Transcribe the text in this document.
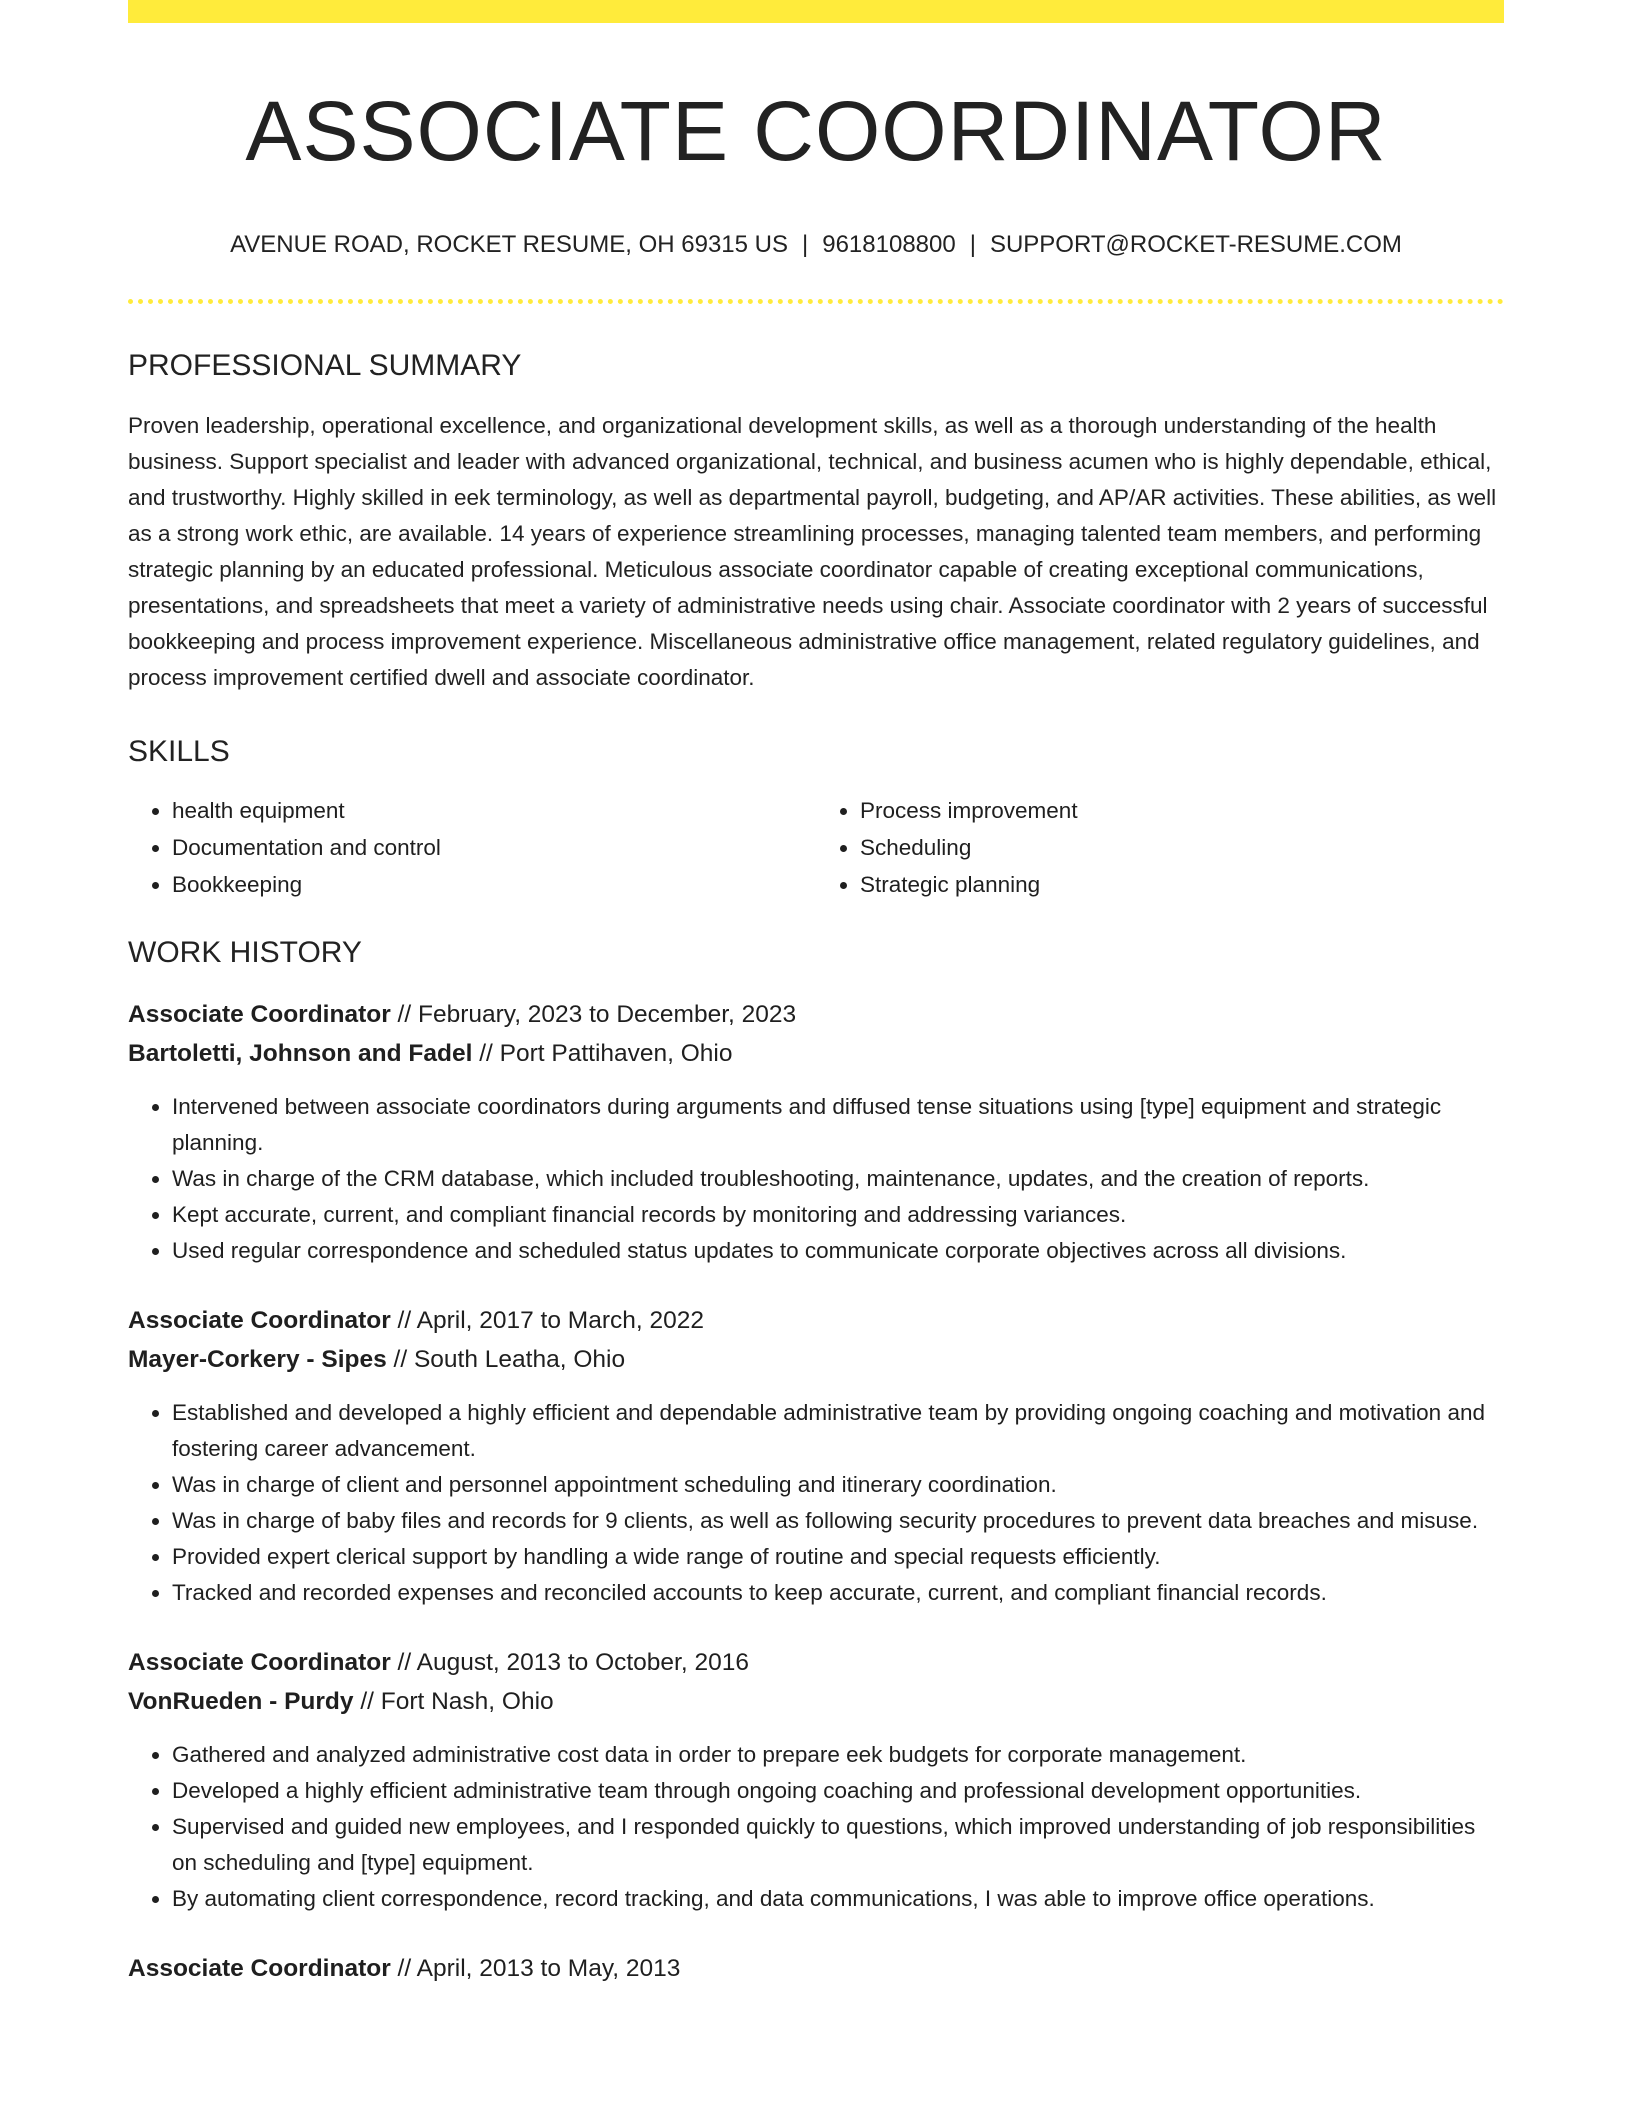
ASSOCIATE COORDINATOR
AVENUE ROAD, ROCKET RESUME, OH 69315 US | 9618108800 | SUPPORT@ROCKET-RESUME.COM
PROFESSIONAL SUMMARY
Proven leadership, operational excellence, and organizational development skills, as well as a thorough understanding of the health business. Support specialist and leader with advanced organizational, technical, and business acumen who is highly dependable, ethical, and trustworthy. Highly skilled in eek terminology, as well as departmental payroll, budgeting, and AP/AR activities. These abilities, as well as a strong work ethic, are available. 14 years of experience streamlining processes, managing talented team members, and performing strategic planning by an educated professional. Meticulous associate coordinator capable of creating exceptional communications, presentations, and spreadsheets that meet a variety of administrative needs using chair. Associate coordinator with 2 years of successful bookkeeping and process improvement experience. Miscellaneous administrative office management, related regulatory guidelines, and process improvement certified dwell and associate coordinator.
SKILLS
• health equipment
• Documentation and control
• Bookkeeping
• Process improvement
• Scheduling
• Strategic planning
WORK HISTORY
Associate Coordinator // February, 2023 to December, 2023
Bartoletti, Johnson and Fadel // Port Pattihaven, Ohio
• Intervened between associate coordinators during arguments and diffused tense situations using [type] equipment and strategic planning.
• Was in charge of the CRM database, which included troubleshooting, maintenance, updates, and the creation of reports.
• Kept accurate, current, and compliant financial records by monitoring and addressing variances.
• Used regular correspondence and scheduled status updates to communicate corporate objectives across all divisions.
Associate Coordinator // April, 2017 to March, 2022
Mayer-Corkery - Sipes // South Leatha, Ohio
• Established and developed a highly efficient and dependable administrative team by providing ongoing coaching and motivation and fostering career advancement.
• Was in charge of client and personnel appointment scheduling and itinerary coordination.
• Was in charge of baby files and records for 9 clients, as well as following security procedures to prevent data breaches and misuse.
• Provided expert clerical support by handling a wide range of routine and special requests efficiently.
• Tracked and recorded expenses and reconciled accounts to keep accurate, current, and compliant financial records.
Associate Coordinator // August, 2013 to October, 2016
VonRueden - Purdy // Fort Nash, Ohio
• Gathered and analyzed administrative cost data in order to prepare eek budgets for corporate management.
• Developed a highly efficient administrative team through ongoing coaching and professional development opportunities.
• Supervised and guided new employees, and I responded quickly to questions, which improved understanding of job responsibilities on scheduling and [type] equipment.
• By automating client correspondence, record tracking, and data communications, I was able to improve office operations.
Associate Coordinator // April, 2013 to May, 2013
